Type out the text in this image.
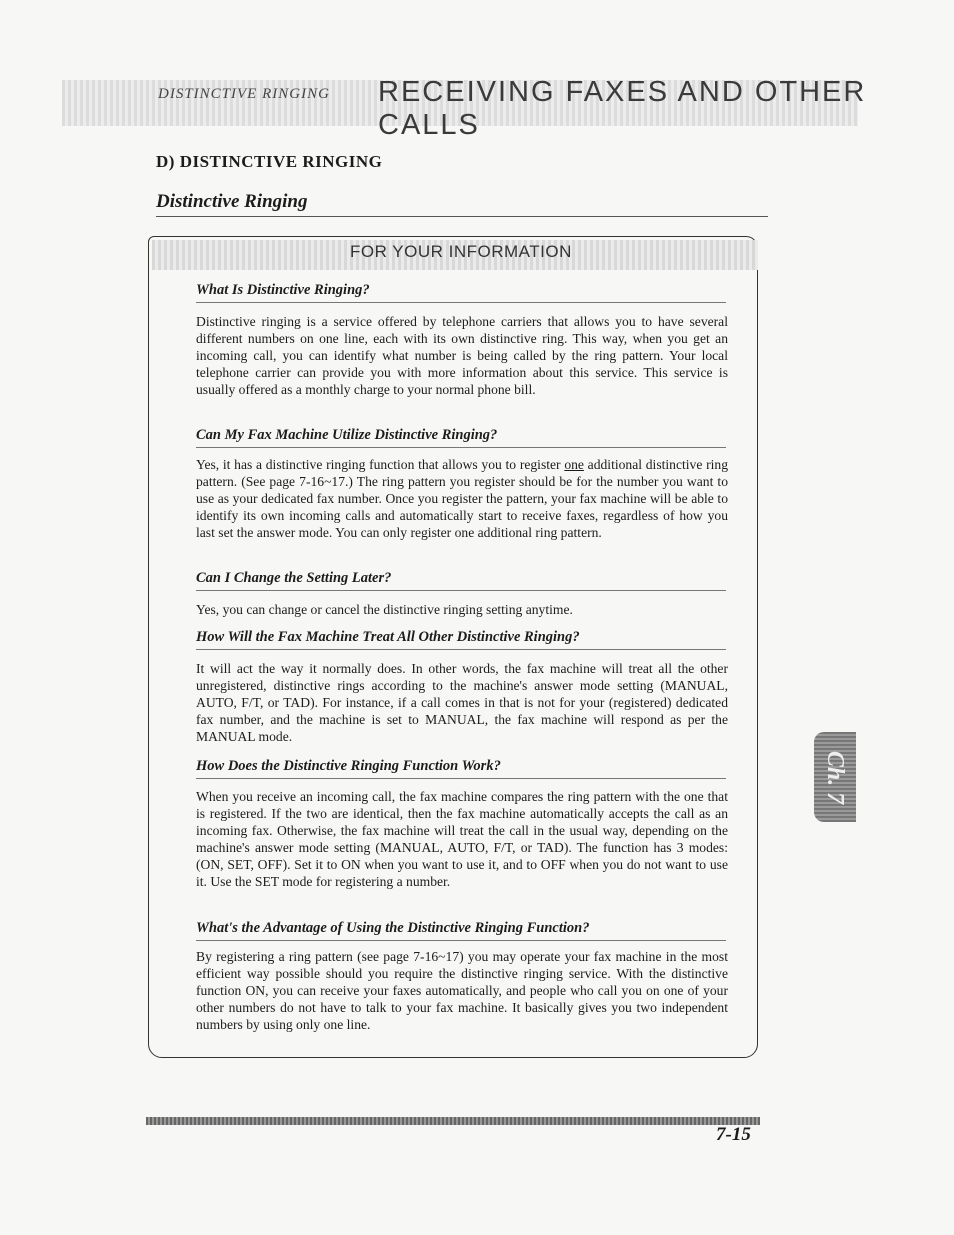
DISTINCTIVE RINGING RECEIVING FAXES AND OTHER CALLS
D) DISTINCTIVE RINGING
Distinctive Ringing
FOR YOUR INFORMATION
What Is Distinctive Ringing?

Distinctive ringing is a service offered by telephone carriers that allows you to have several different numbers on one line, each with its own distinctive ring. This way, when you get an incoming call, you can identify what number is being called by the ring pattern. Your local telephone carrier can provide you with more information about this service. This service is usually offered as a monthly charge to your normal phone bill.

Can My Fax Machine Utilize Distinctive Ringing?

Yes, it has a distinctive ringing function that allows you to register one additional distinctive ring pattern. (See page 7-16~17.) The ring pattern you register should be for the number you want to use as your dedicated fax number. Once you register the pattern, your fax machine will be able to identify its own incoming calls and automatically start to receive faxes, regardless of how you last set the answer mode. You can only register one additional ring pattern.

Can I Change the Setting Later?

Yes, you can change or cancel the distinctive ringing setting anytime.

How Will the Fax Machine Treat All Other Distinctive Ringing?

It will act the way it normally does. In other words, the fax machine will treat all the other unregistered, distinctive rings according to the machine's answer mode setting (MANUAL, AUTO, F/T, or TAD). For instance, if a call comes in that is not for your (registered) dedicated fax number, and the machine is set to MANUAL, the fax machine will respond as per the MANUAL mode.

How Does the Distinctive Ringing Function Work?

When you receive an incoming call, the fax machine compares the ring pattern with the one that is registered. If the two are identical, then the fax machine automatically accepts the call as an incoming fax. Otherwise, the fax machine will treat the call in the usual way, depending on the machine's answer mode setting (MANUAL, AUTO, F/T, or TAD). The function has 3 modes: (ON, SET, OFF). Set it to ON when you want to use it, and to OFF when you do not want to use it. Use the SET mode for registering a number.

What's the Advantage of Using the Distinctive Ringing Function?

By registering a ring pattern (see page 7-16~17) you may operate your fax machine in the most efficient way possible should you require the distinctive ringing service. With the distinctive function ON, you can receive your faxes automatically, and people who call you on one of your other numbers do not have to talk to your fax machine. It basically gives you two independent numbers by using only one line.

Ch. 7
7-15
